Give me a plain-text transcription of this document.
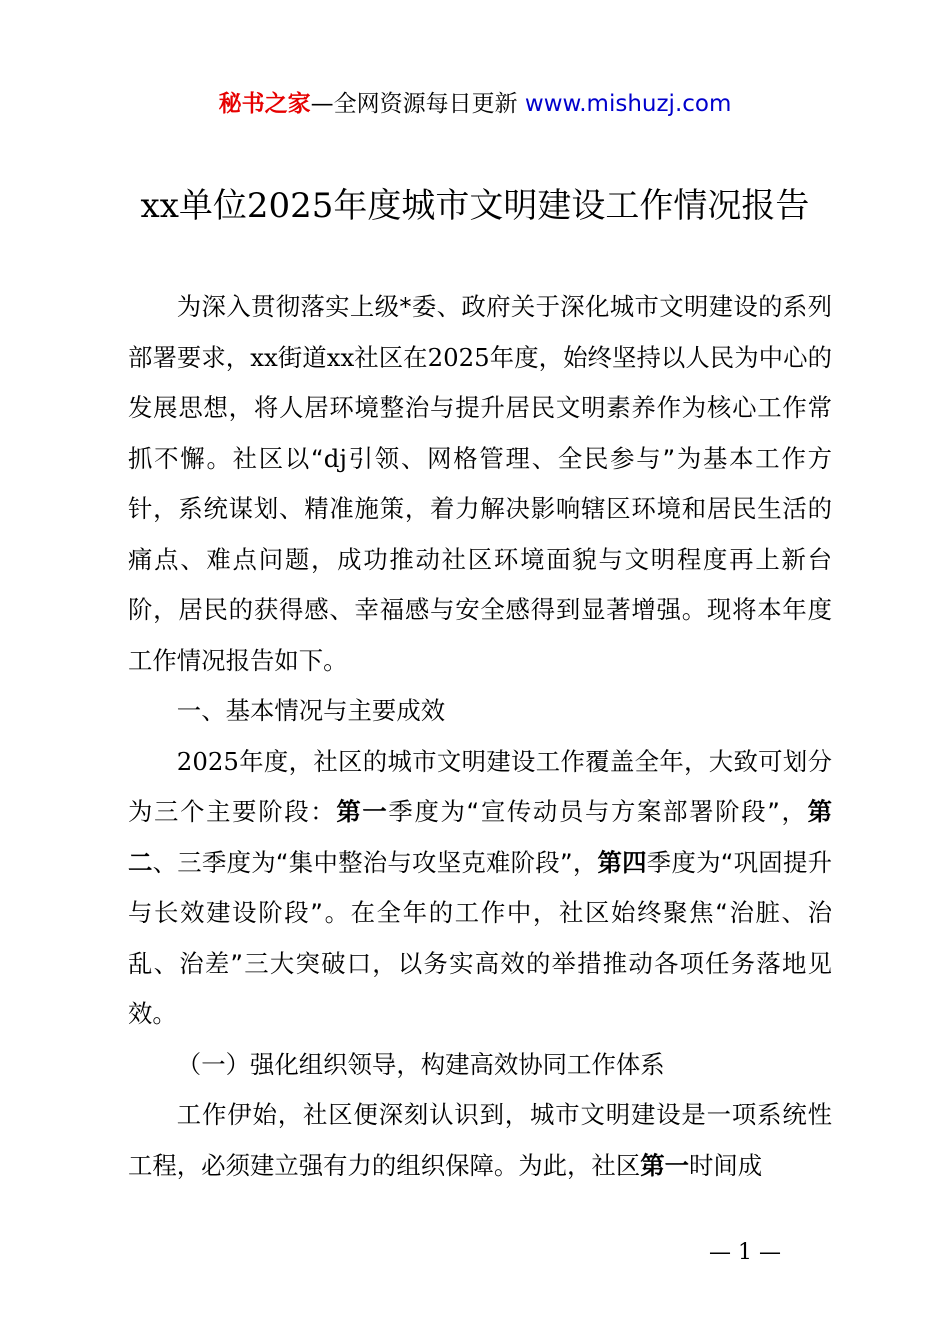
秘书之家—全网资源每日更新 www.mishuzj.com
xx单位2025年度城市文明建设工作情况报告

为深入贯彻落实上级*委、政府关于深化城市文明建设的系列部署要求，xx街道xx社区在2025年度，始终坚持以人民为中心的发展思想，将人居环境整治与提升居民文明素养作为核心工作常抓不懈。社区以“dj引领、网格管理、全民参与”为基本工作方针，系统谋划、精准施策，着力解决影响辖区环境和居民生活的痛点、难点问题，成功推动社区环境面貌与文明程度再上新台阶，居民的获得感、幸福感与安全感得到显著增强。现将本年度工作情况报告如下。

一、基本情况与主要成效

2025年度，社区的城市文明建设工作覆盖全年，大致可划分为三个主要阶段：第一季度为“宣传动员与方案部署阶段”，第二、三季度为“集中整治与攻坚克难阶段”，第四季度为“巩固提升与长效建设阶段”。在全年的工作中，社区始终聚焦“治脏、治乱、治差”三大突破口，以务实高效的举措推动各项任务落地见效。

（一）强化组织领导，构建高效协同工作体系

工作伊始，社区便深刻认识到，城市文明建设是一项系统性工程，必须建立强有力的组织保障。为此，社区第一时间成

— 1 —
